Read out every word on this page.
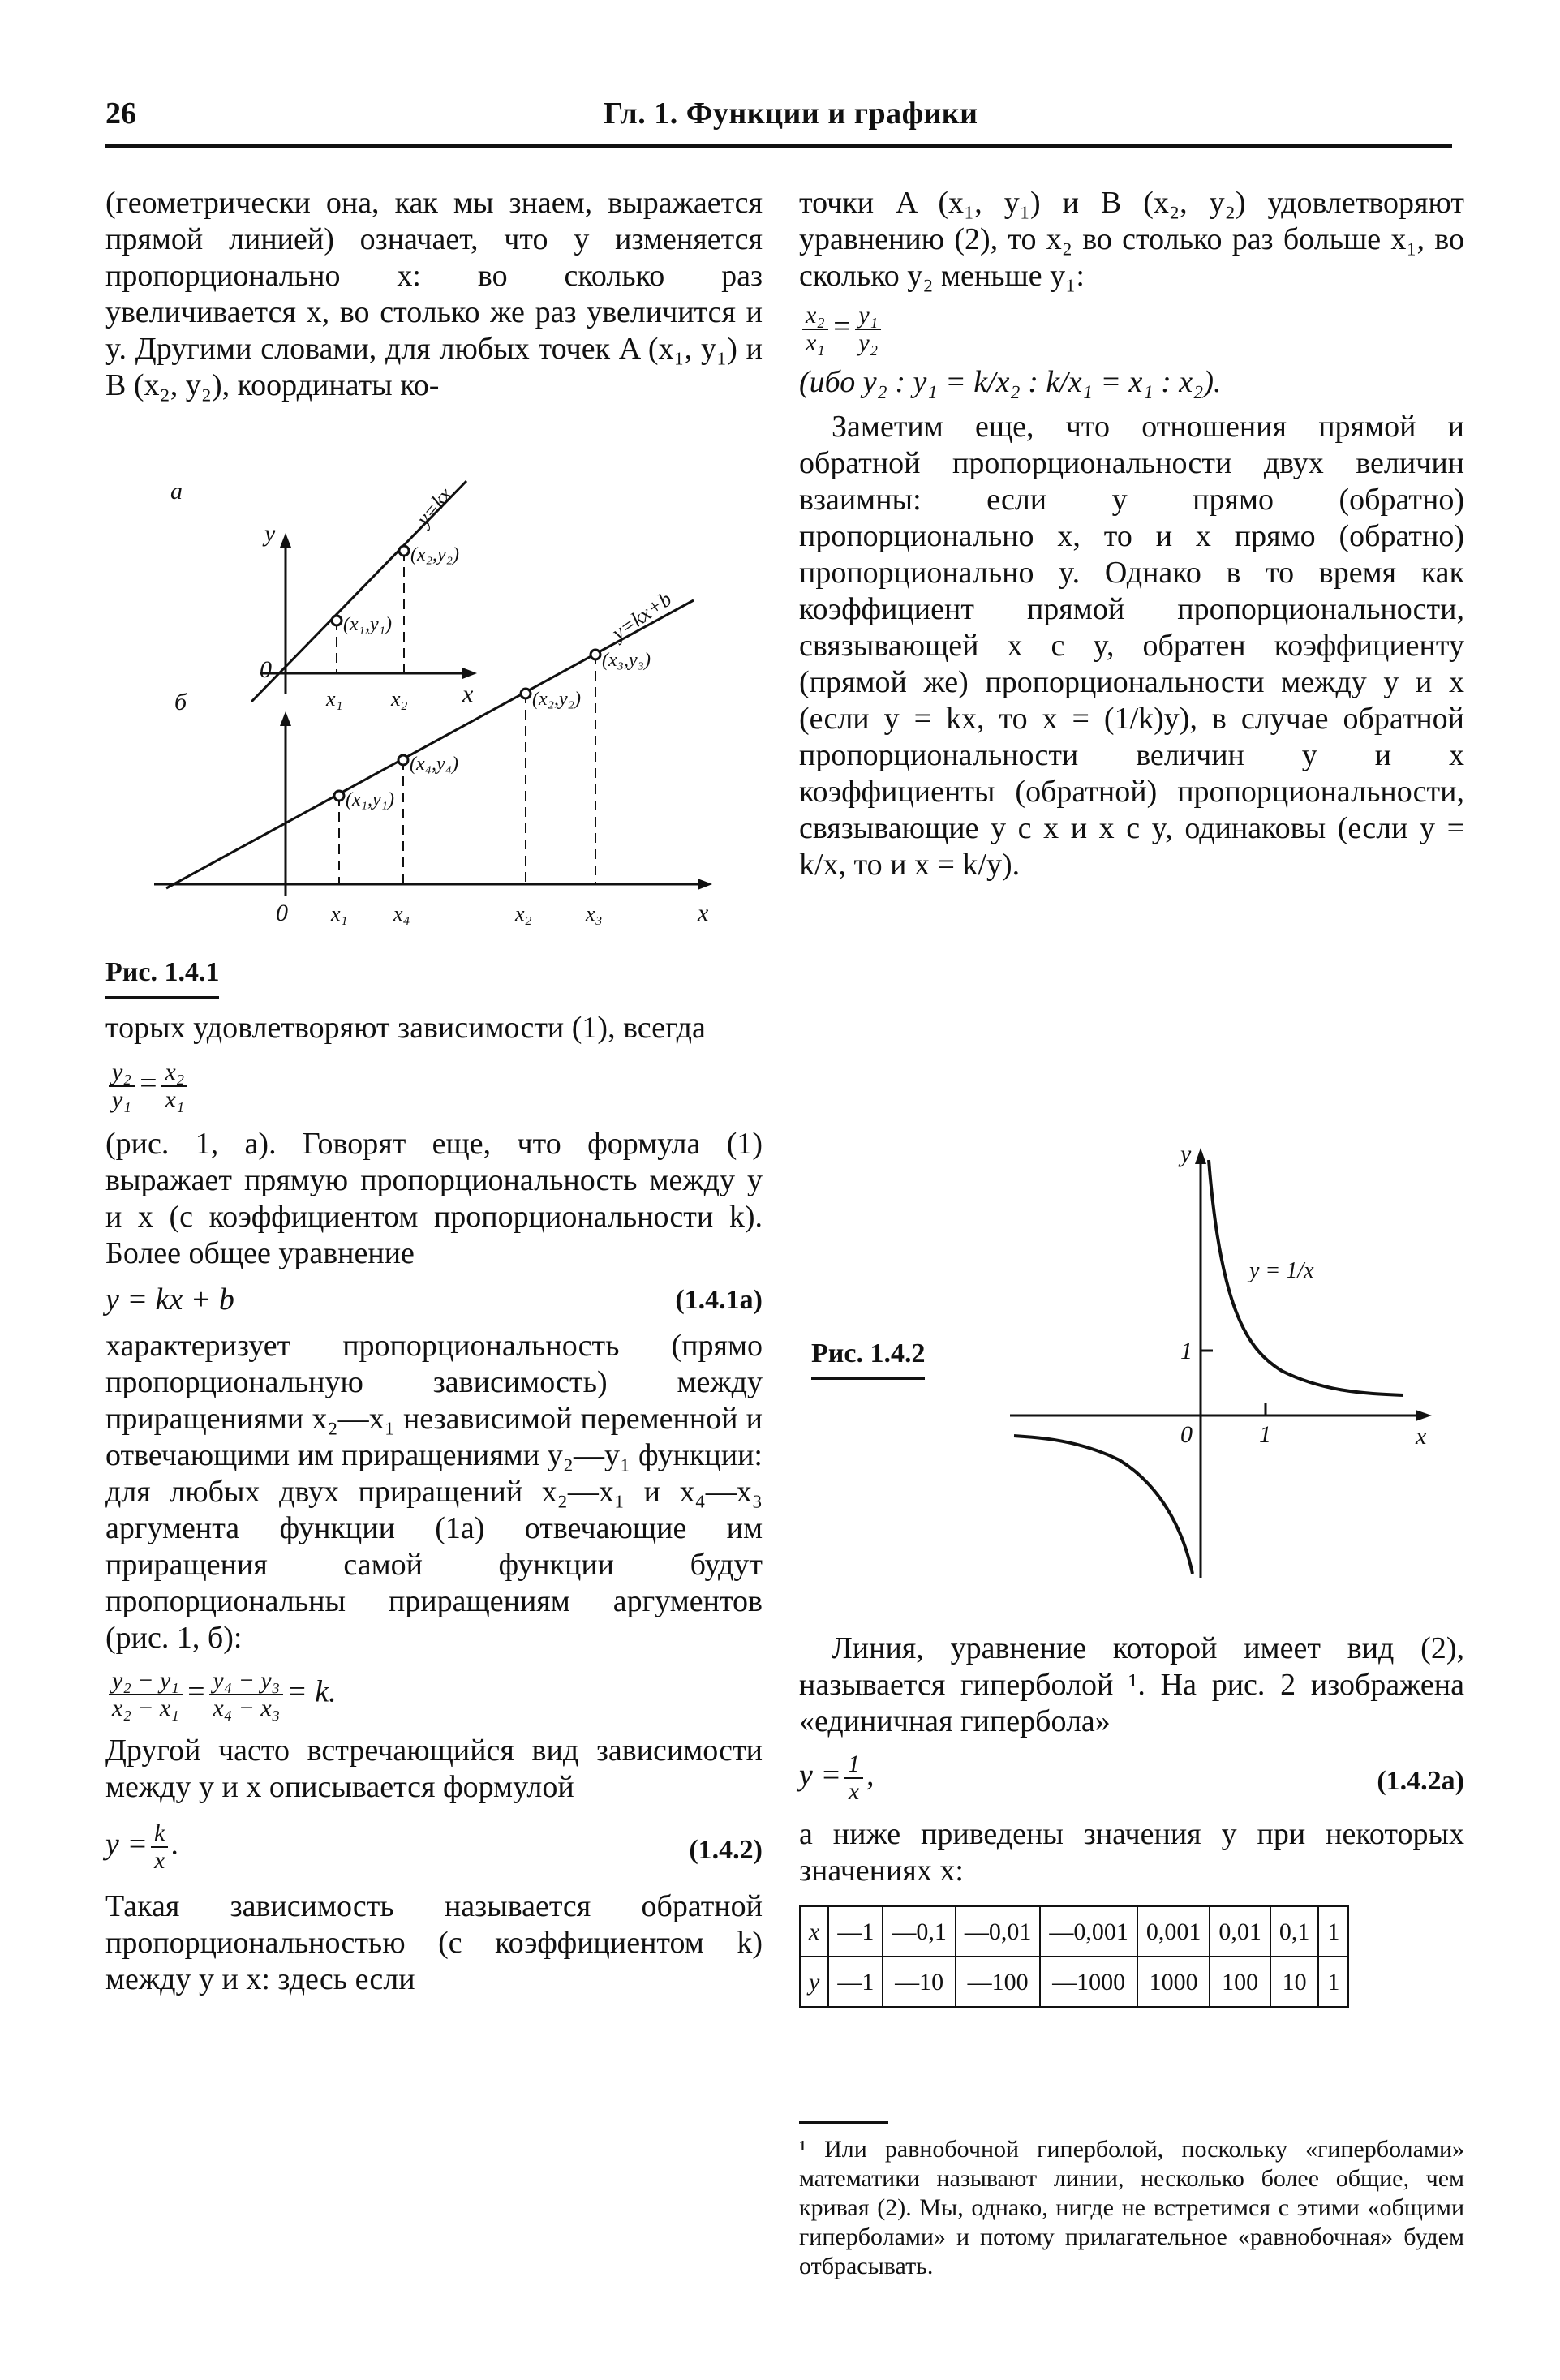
26	Гл. 1. Функции и графики

(геометрически она, как мы знаем, выражается прямой линией) означает, что y изменяется пропорционально x: во сколько раз увеличивается x, во столько же раз увеличится и y. Другими словами, для любых точек A (x₁, y₁) и B (x₂, y₂), координаты ко-

а
б
y
x
0
y=kx
(x₁,y₁)
(x₂,y₂)
x₁ x₂
y=kx+b
(x₁,y₁)
(x₄,y₄)
(x₂,y₂)
(x₃,y₃)
0 x₁ x₄	x₂	x₃	x
Рис. 1.4.1

торых удовлетворяют зависимости (1), всегда

$\frac{\text{y₂}}{\text{y₁}} = \frac{\text{x₂}}{\text{x₁}}$

(рис. 1, а). Говорят еще, что формула (1) выражает прямую пропорциональность между y и x (с коэффициентом пропорциональности k). Более общее уравнение

y = kx + b	(1.4.1a)

характеризует пропорциональность (прямо пропорциональную зависимость) между приращениями x₂—x₁ независимой переменной и отвечающими им приращениями y₂—y₁ функции: для любых двух приращений x₂—x₁ и x₄—x₃ аргумента функции (1a) отвечающие им приращения самой функции будут пропорциональны приращениям аргументов (рис. 1, б):

$\frac{\text{y₂ − y₁}}{\text{x₂ − x₁}} = \frac{\text{y₄ − y₃}}{\text{x₄ − x₃}} = k$.

Другой часто встречающийся вид зависимости между y и x описывается формулой

$y = \frac{k}{x}$ .	(1.4.2)

Такая зависимость называется обратной пропорциональностью (с коэффициентом k) между y и x: здесь если

точки A (x₁, y₁) и B (x₂, y₂) удовлетворяют уравнению (2), то x₂ во столько раз больше x₁, во сколько y₂ меньше y₁:

$\frac{\text{x₂}}{\text{x₁}} = \frac{\text{y₁}}{\text{y₂}}$

(ибо y₂ : y₁ = k/x₂ : k/x₁ = x₁ : x₂).

Заметим еще, что отношения прямой и обратной пропорциональности двух величин взаимны: если y прямо (обратно) пропорционально x, то и x прямо (обратно) пропорционально y. Однако в то время как коэффициент прямой пропорциональности, связывающей x с y, обратен коэффициенту (прямой же) пропорциональности между y и x (если y = kx, то x = (1/k)y), в случае обратной пропорциональности величин y и x коэффициенты (обратной) пропорциональности, связывающие y с x и x с y, одинаковы (если y = k/x, то и x = k/y).

y
x
0	1
1
y = 1/x
Рис. 1.4.2

Линия, уравнение которой имеет вид (2), называется гиперболой ¹. На рис. 2 изображена «единичная гипербола»

$y = \frac{1}{x}$ ,	(1.4.2a)

а ниже приведены значения y при некоторых значениях x:

x	—1	—0,1	—0,01	—0,001	0,001	0,01	0,1	1
y	—1	—10	—100	—1000	1000	100	10	1
¹ Или равнобочной гиперболой, поскольку «гиперболами» математики называют линии, несколько более общие, чем кривая (2). Мы, однако, нигде не встретимся с этими «общими гиперболами» и потому прилагательное «равнобочная» будем отбрасывать.
